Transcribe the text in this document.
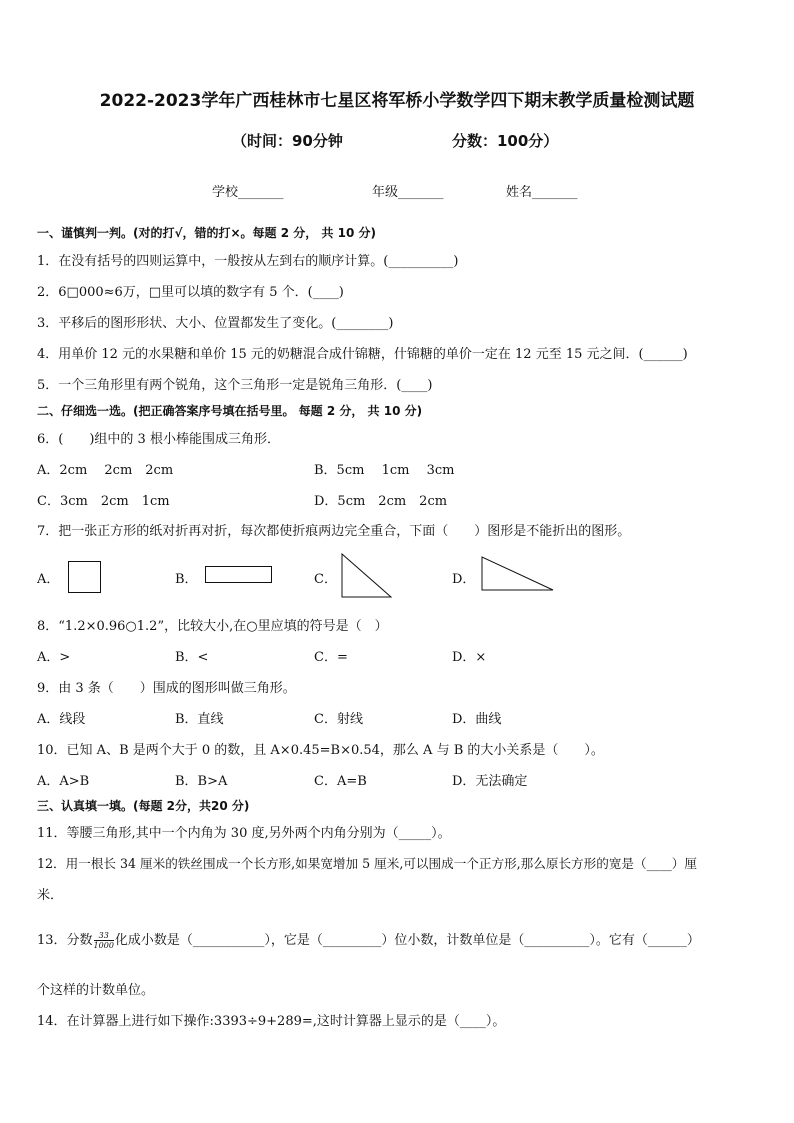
2022-2023学年广西桂林市七星区将军桥小学数学四下期末教学质量检测试题
（时间：90分钟	分数：100分）
学校_______	年级_______	姓名_______
一、谨慎判一判。(对的打√，错的打×。每题 2 分， 共 10 分)
1．在没有括号的四则运算中，一般按从左到右的顺序计算。(__________)
2．6□000≈6万，□里可以填的数字有 5 个．(____)
3．平移后的图形形状、大小、位置都发生了变化。(________)
4．用单价 12 元的水果糖和单价 15 元的奶糖混合成什锦糖，什锦糖的单价一定在 12 元至 15 元之间．(______)
5．一个三角形里有两个锐角，这个三角形一定是锐角三角形．(____)
二、仔细选一选。(把正确答案序号填在括号里。 每题 2 分， 共 10 分)
6．(　　)组中的 3 根小棒能围成三角形．
A．2cm　 2cm　2cm	B．5cm　 1cm　 3cm
C．3cm　2cm　1cm	D．5cm　2cm　2cm
7．把一张正方形的纸对折再对折，每次都使折痕两边完全重合，下面（　　）图形是不能折出的图形。
A．	B．	C．	D．
8．“1.2×0.96○1.2”，比较大小,在○里应填的符号是（　）
A．>	B．<	C．=	D．×
9．由 3 条（　　）围成的图形叫做三角形。
A．线段	B．直线	C．射线	D．曲线
10．已知 A、B 是两个大于 0 的数，且 A×0.45=B×0.54，那么 A 与 B 的大小关系是（　　）。
A．A>B	B．B>A	C．A=B	D．无法确定
三、认真填一填。(每题 2分，共20 分)
11．等腰三角形,其中一个内角为 30 度,另外两个内角分别为（_____）。
12．用一根长 34 厘米的铁丝围成一个长方形,如果宽增加 5 厘米,可以围成一个正方形,那么原长方形的宽是（____）厘
米．
13．分数 $\frac{33}{1000}$ 化成小数是（___________），它是（_________）位小数，计数单位是（__________）。它有（______）
个这样的计数单位。
14．在计算器上进行如下操作:3393÷9+289=,这时计算器上显示的是（____）。
